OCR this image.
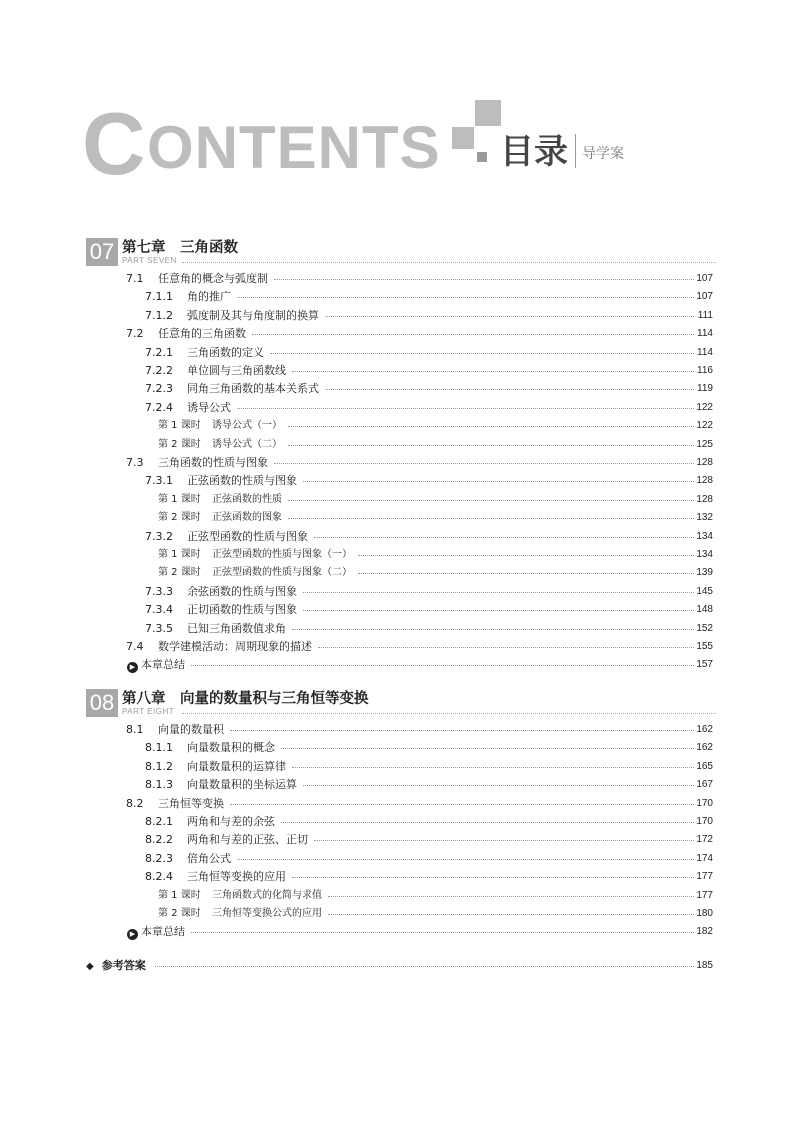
C ONTENTS 目录 导学案
07 第七章　三角函数
PART SEVEN
7.1 任意角的概念与弧度制	107
7.1.1 角的推广	107
7.1.2 弧度制及其与角度制的换算	111
7.2 任意角的三角函数	114
7.2.1 三角函数的定义	114
7.2.2 单位圆与三角函数线	116
7.2.3 同角三角函数的基本关系式	119
7.2.4 诱导公式	122
第 1 课时 诱导公式（一）	122
第 2 课时 诱导公式（二）	125
7.3 三角函数的性质与图象	128
7.3.1 正弦函数的性质与图象	128
第 1 课时 正弦函数的性质	128
第 2 课时 正弦函数的图象	132
7.3.2 正弦型函数的性质与图象	134
第 1 课时 正弦型函数的性质与图象（一）	134
第 2 课时 正弦型函数的性质与图象（二）	139
7.3.3 余弦函数的性质与图象	145
7.3.4 正切函数的性质与图象	148
7.3.5 已知三角函数值求角	152
7.4 数学建模活动：周期现象的描述	155
▶ 本章总结	157
08 第八章　向量的数量积与三角恒等变换
PART EIGHT
8.1 向量的数量积	162
8.1.1 向量数量积的概念	162
8.1.2 向量数量积的运算律	165
8.1.3 向量数量积的坐标运算	167
8.2 三角恒等变换	170
8.2.1 两角和与差的余弦	170
8.2.2 两角和与差的正弦、正切	172
8.2.3 倍角公式	174
8.2.4 三角恒等变换的应用	177
第 1 课时 三角函数式的化简与求值	177
第 2 课时 三角恒等变换公式的应用	180
▶ 本章总结	182
◆ 参考答案	185
